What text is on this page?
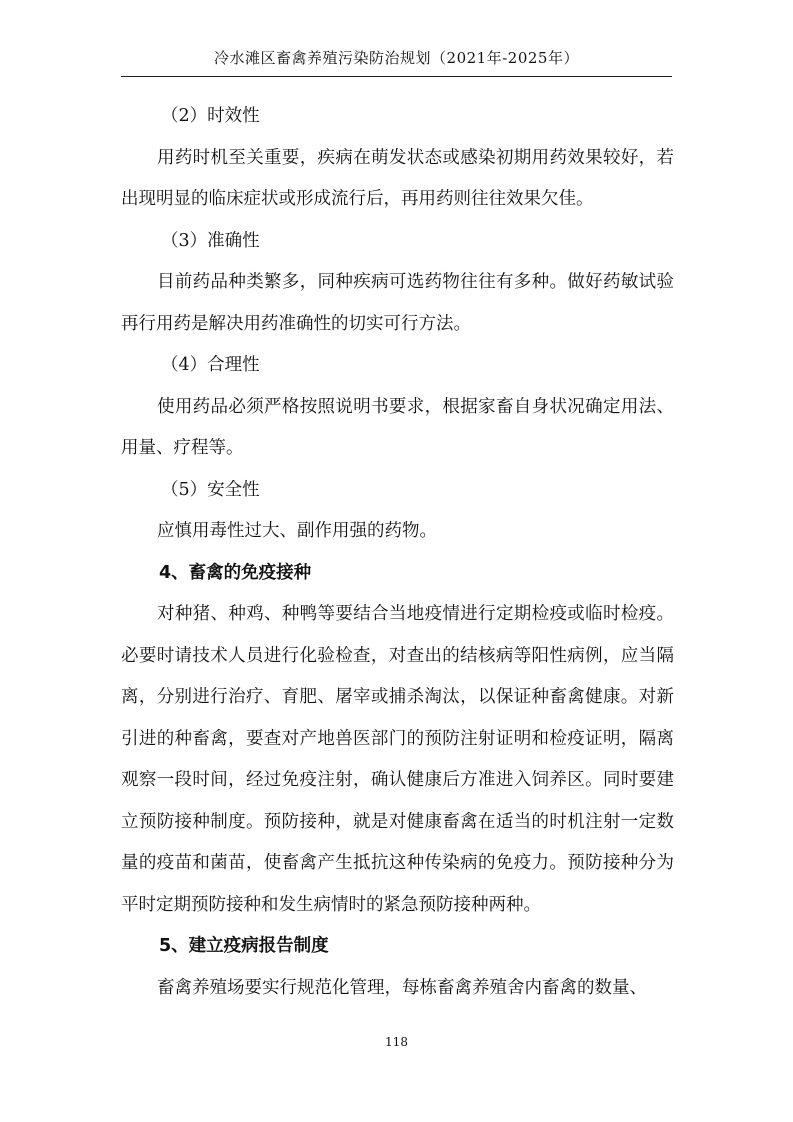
冷水滩区畜禽养殖污染防治规划（2021年-2025年）

（2）时效性

用药时机至关重要，疾病在萌发状态或感染初期用药效果较好，若出现明显的临床症状或形成流行后，再用药则往往效果欠佳。

（3）准确性

目前药品种类繁多，同种疾病可选药物往往有多种。做好药敏试验再行用药是解决用药准确性的切实可行方法。

（4）合理性

使用药品必须严格按照说明书要求，根据家畜自身状况确定用法、用量、疗程等。

（5）安全性

应慎用毒性过大、副作用强的药物。

4、畜禽的免疫接种

对种猪、种鸡、种鸭等要结合当地疫情进行定期检疫或临时检疫。必要时请技术人员进行化验检查，对查出的结核病等阳性病例，应当隔离，分别进行治疗、育肥、屠宰或捕杀淘汰，以保证种畜禽健康。对新引进的种畜禽，要查对产地兽医部门的预防注射证明和检疫证明，隔离观察一段时间，经过免疫注射，确认健康后方准进入饲养区。同时要建立预防接种制度。预防接种，就是对健康畜禽在适当的时机注射一定数量的疫苗和菌苗，使畜禽产生抵抗这种传染病的免疫力。预防接种分为平时定期预防接种和发生病情时的紧急预防接种两种。

5、建立疫病报告制度

畜禽养殖场要实行规范化管理，每栋畜禽养殖舍内畜禽的数量、

118
